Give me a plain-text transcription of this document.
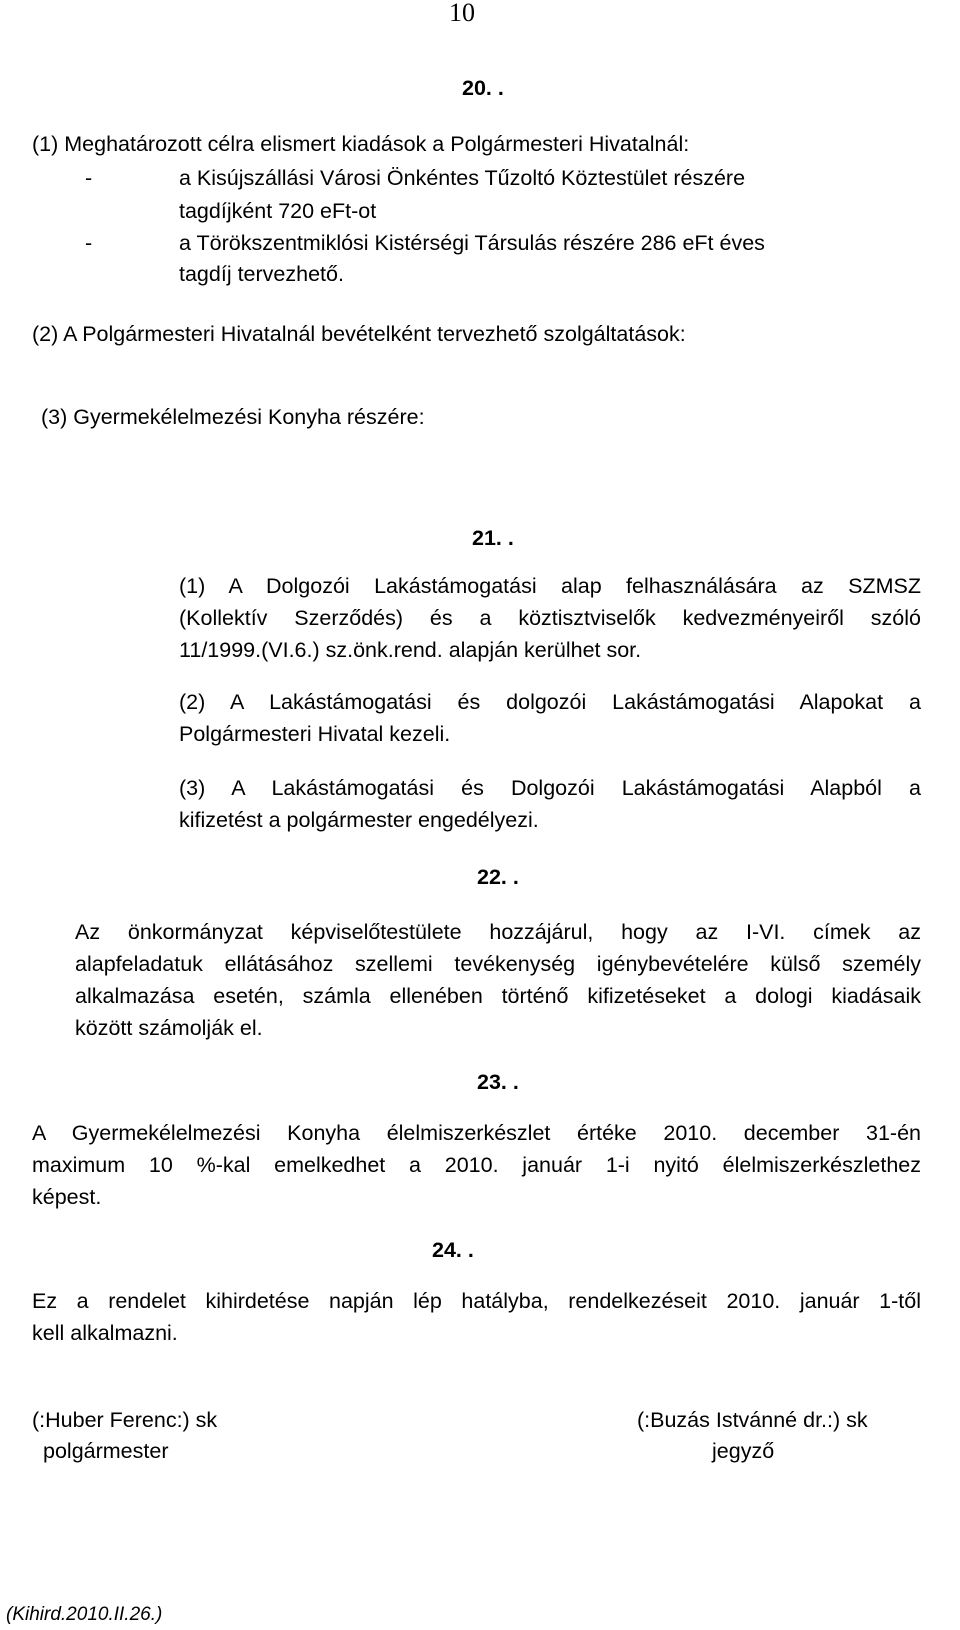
10
20. .
(1) Meghatározott célra elismert kiadások a Polgármesteri Hivatalnál:
-	a Kisújszállási Városi Önkéntes Tűzoltó Köztestület részére
tagdíjként 720 eFt-ot
-	a Törökszentmiklósi Kistérségi Társulás részére 286 eFt éves
tagdíj tervezhető.
(2) A Polgármesteri Hivatalnál bevételként tervezhető szolgáltatások:
(3) Gyermekélelmezési Konyha részére:
21. .
(1) A Dolgozói Lakástámogatási alap felhasználására az SZMSZ
(Kollektív Szerződés) és a köztisztviselők kedvezményeiről szóló
11/1999.(VI.6.) sz.önk.rend. alapján kerülhet sor.
(2) A Lakástámogatási és dolgozói Lakástámogatási Alapokat a
Polgármesteri Hivatal kezeli.
(3) A Lakástámogatási és Dolgozói Lakástámogatási Alapból a
kifizetést a polgármester engedélyezi.
22. .
Az önkormányzat képviselőtestülete hozzájárul, hogy az I-VI. címek az
alapfeladatuk ellátásához szellemi tevékenység igénybevételére külső személy
alkalmazása esetén, számla ellenében történő kifizetéseket a dologi kiadásaik
között számolják el.
23. .
A Gyermekélelmezési Konyha élelmiszerkészlet értéke 2010. december 31-én
maximum 10 %-kal emelkedhet a 2010. január 1-i nyitó élelmiszerkészlethez
képest.
24. .
Ez a rendelet kihirdetése napján lép hatályba, rendelkezéseit 2010. január 1-től
kell alkalmazni.
(:Huber Ferenc:) sk
polgármester
(:Buzás Istvánné dr.:) sk
jegyző
(Kihird.2010.II.26.)
